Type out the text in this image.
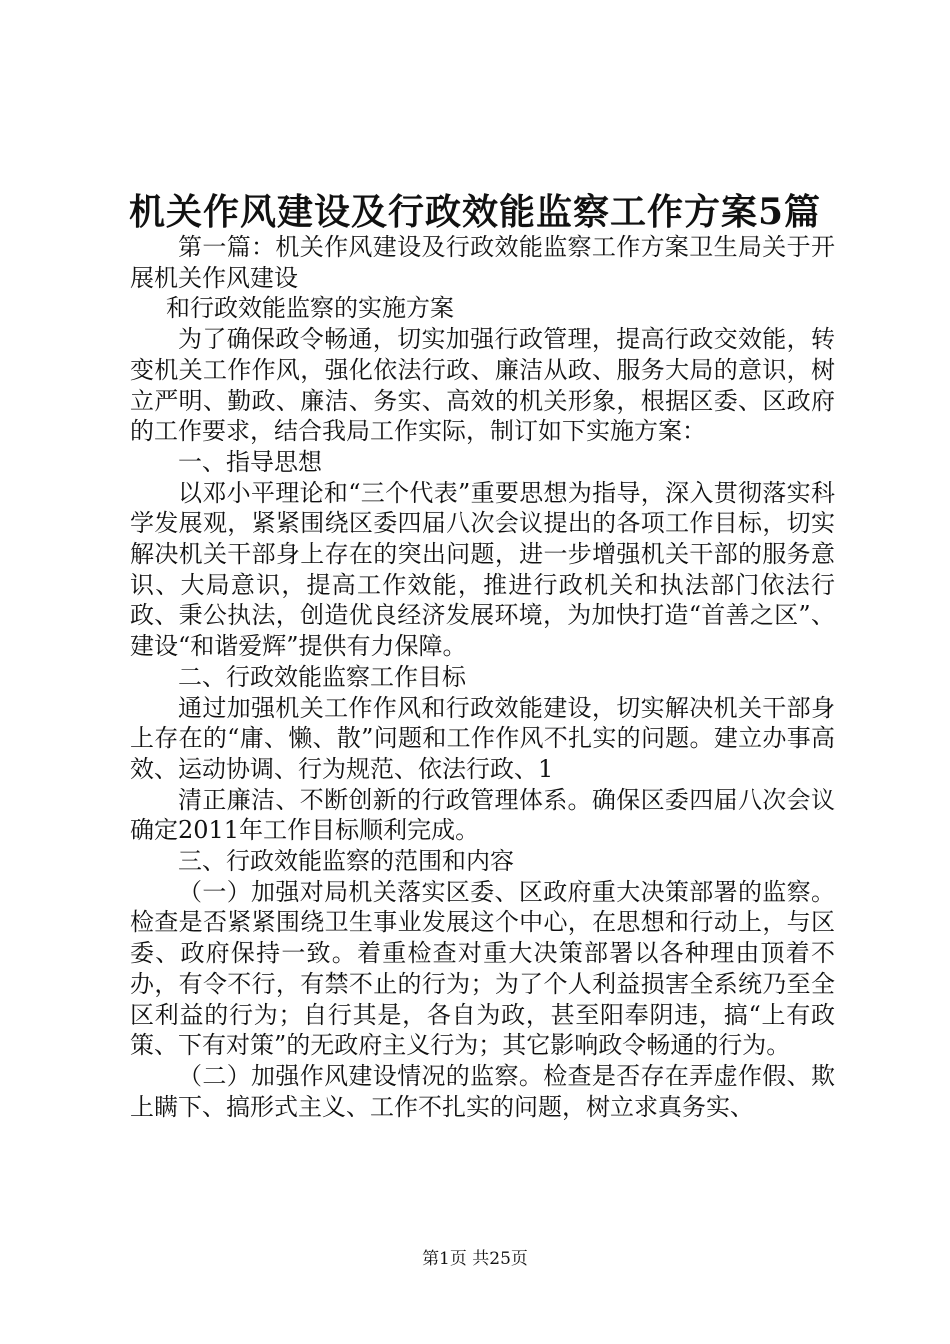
机关作风建设及行政效能监察工作方案5篇

第一篇：机关作风建设及行政效能监察工作方案卫生局关于开展机关作风建设

和行政效能监察的实施方案

为了确保政令畅通，切实加强行政管理，提高行政交效能，转变机关工作作风，强化依法行政、廉洁从政、服务大局的意识，树立严明、勤政、廉洁、务实、高效的机关形象，根据区委、区政府的工作要求，结合我局工作实际，制订如下实施方案：

一、指导思想

以邓小平理论和“三个代表”重要思想为指导，深入贯彻落实科学发展观，紧紧围绕区委四届八次会议提出的各项工作目标，切实解决机关干部身上存在的突出问题，进一步增强机关干部的服务意识、大局意识，提高工作效能，推进行政机关和执法部门依法行政、秉公执法，创造优良经济发展环境，为加快打造“首善之区”、建设“和谐爱辉”提供有力保障。

二、行政效能监察工作目标

通过加强机关工作作风和行政效能建设，切实解决机关干部身上存在的“庸、懒、散”问题和工作作风不扎实的问题。建立办事高效、运动协调、行为规范、依法行政、1

清正廉洁、不断创新的行政管理体系。确保区委四届八次会议确定2011年工作目标顺利完成。

三、行政效能监察的范围和内容

（一）加强对局机关落实区委、区政府重大决策部署的监察。检查是否紧紧围绕卫生事业发展这个中心，在思想和行动上，与区委、政府保持一致。着重检查对重大决策部署以各种理由顶着不办，有令不行，有禁不止的行为；为了个人利益损害全系统乃至全区利益的行为；自行其是，各自为政，甚至阳奉阴违，搞“上有政策、下有对策”的无政府主义行为；其它影响政令畅通的行为。

（二）加强作风建设情况的监察。检查是否存在弄虚作假、欺上瞒下、搞形式主义、工作不扎实的问题，树立求真务实、

第1页 共25页
